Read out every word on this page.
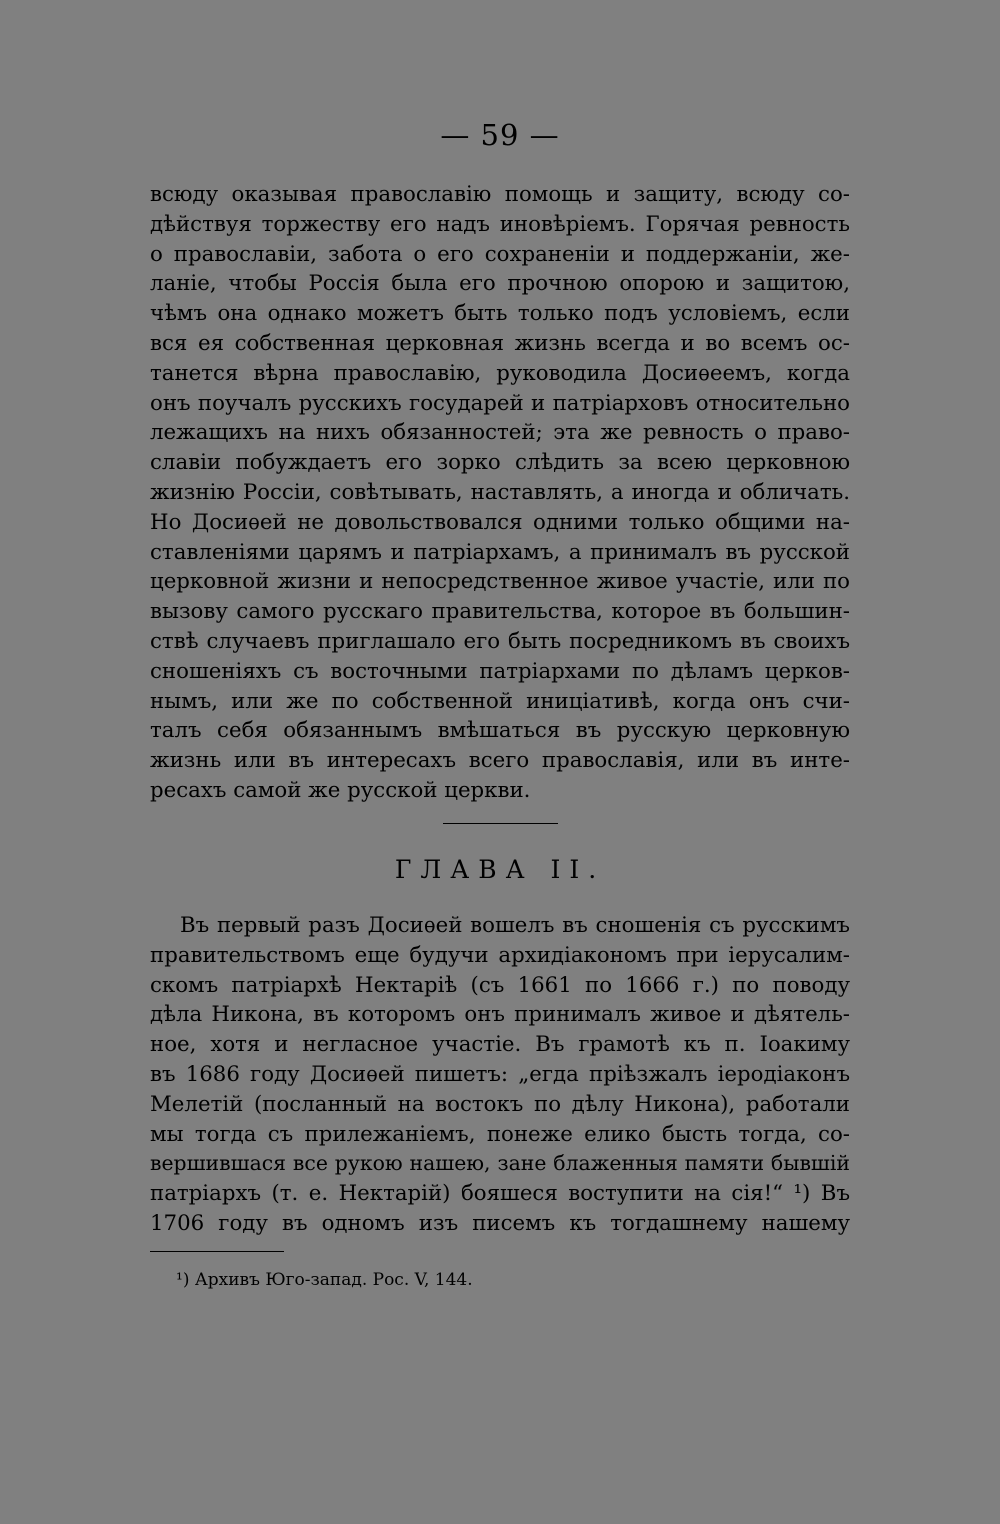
— 59 —
всюду оказывая православію помощь и защиту, всюду со-
дѣйствуя торжеству его надъ иновѣріемъ. Горячая ревность
о православіи, забота о его сохраненіи и поддержаніи, же-
ланіе, чтобы Россія была его прочною опорою и защитою,
чѣмъ она однако можетъ быть только подъ условіемъ, если
вся ея собственная церковная жизнь всегда и во всемъ ос-
танется вѣрна православію, руководила Досиѳеемъ, когда
онъ поучалъ русскихъ государей и патріарховъ относительно
лежащихъ на нихъ обязанностей; эта же ревность о право-
славіи побуждаетъ его зорко слѣдить за всею церковною
жизнію Россіи, совѣтывать, наставлять, а иногда и обличать.
Но Досиѳей не довольствовался одними только общими на-
ставленіями царямъ и патріархамъ, а принималъ въ русской
церковной жизни и непосредственное живое участіе, или по
вызову самого русскаго правительства, которое въ большин-
ствѣ случаевъ приглашало его быть посредникомъ въ своихъ
сношеніяхъ съ восточными патріархами по дѣламъ церков-
нымъ, или же по собственной иниціативѣ, когда онъ счи-
талъ себя обязаннымъ вмѣшаться въ русскую церковную
жизнь или въ интересахъ всего православія, или въ инте-
ресахъ самой же русской церкви.
ГЛАВА II.
Въ первый разъ Досиѳей вошелъ въ сношенія съ русскимъ
правительствомъ еще будучи архидіакономъ при іерусалим-
скомъ патріархѣ Нектаріѣ (съ 1661 по 1666 г.) по поводу
дѣла Никона, въ которомъ онъ принималъ живое и дѣятель-
ное, хотя и негласное участіе. Въ грамотѣ къ п. Іоакиму
въ 1686 году Досиѳей пишетъ: „егда пріѣзжалъ іеродіаконъ
Мелетій (посланный на востокъ по дѣлу Никона), работали
мы тогда съ прилежаніемъ, понеже елико бысть тогда, со-
вершившася все рукою нашею, зане блаженныя памяти бывшій
патріархъ (т. е. Нектарій) бояшеся воступити на сія!“ ¹) Въ
1706 году въ одномъ изъ писемъ къ тогдашнему нашему
¹) Архивъ Юго-запад. Рос. V, 144.
